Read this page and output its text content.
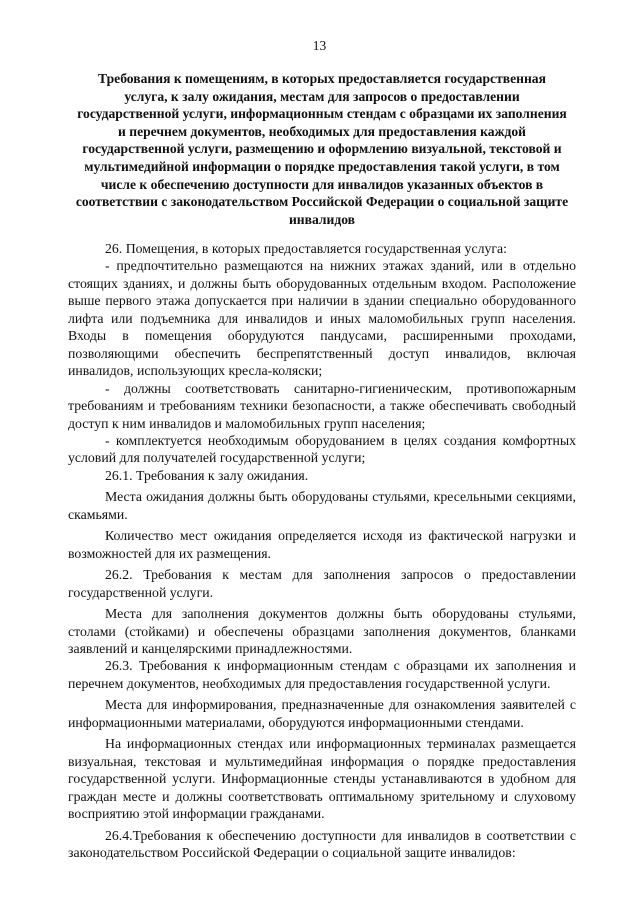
13
Требования к помещениям, в которых предоставляется государственная
услуга, к залу ожидания, местам для запросов о предоставлении
государственной услуги, информационным стендам с образцами их заполнения
и перечнем документов, необходимых для предоставления каждой
государственной услуги, размещению и оформлению визуальной, текстовой и
мультимедийной информации о порядке предоставления такой услуги, в том
числе к обеспечению доступности для инвалидов указанных объектов в
соответствии с законодательством Российской Федерации о социальной защите
инвалидов

26. Помещения, в которых предоставляется государственная услуга:

- предпочтительно размещаются на нижних этажах зданий, или в отдельно стоящих зданиях, и должны быть оборудованных отдельным входом. Расположение выше первого этажа допускается при наличии в здании специально оборудованного лифта или подъемника для инвалидов и иных маломобильных групп населения. Входы в помещения оборудуются пандусами, расширенными проходами, позволяющими обеспечить беспрепятственный доступ инвалидов, включая инвалидов, использующих кресла-коляски;

- должны соответствовать санитарно-гигиеническим, противопожарным требованиям и требованиям техники безопасности, а также обеспечивать свободный доступ к ним инвалидов и маломобильных групп населения;

- комплектуется необходимым оборудованием в целях создания комфортных условий для получателей государственной услуги;

26.1. Требования к залу ожидания.

Места ожидания должны быть оборудованы стульями, кресельными секциями, скамьями.

Количество мест ожидания определяется исходя из фактической нагрузки и возможностей для их размещения.

26.2. Требования к местам для заполнения запросов о предоставлении государственной услуги.

Места для заполнения документов должны быть оборудованы стульями, столами (стойками) и обеспечены образцами заполнения документов, бланками заявлений и канцелярскими принадлежностями.

26.3. Требования к информационным стендам с образцами их заполнения и перечнем документов, необходимых для предоставления государственной услуги.

Места для информирования, предназначенные для ознакомления заявителей с информационными материалами, оборудуются информационными стендами.

На информационных стендах или информационных терминалах размещается визуальная, текстовая и мультимедийная информация о порядке предоставления государственной услуги. Информационные стенды устанавливаются в удобном для граждан месте и должны соответствовать оптимальному зрительному и слуховому восприятию этой информации гражданами.

26.4.Требования к обеспечению доступности для инвалидов в соответствии с законодательством Российской Федерации о социальной защите инвалидов:
